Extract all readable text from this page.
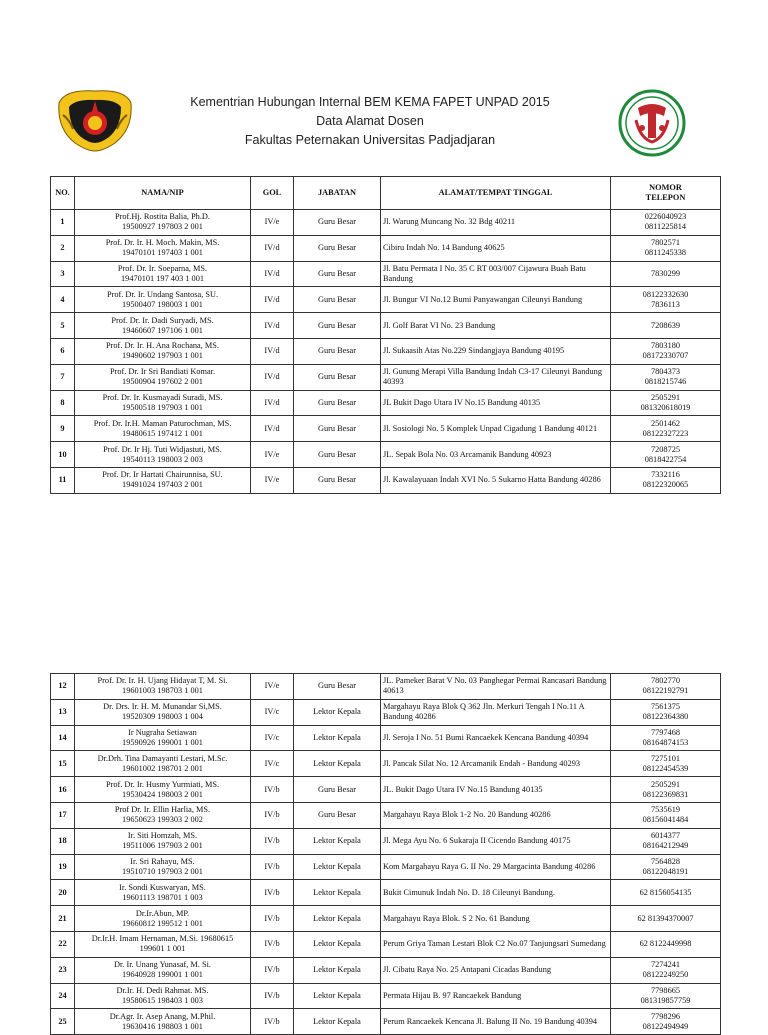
Kementrian Hubungan Internal BEM KEMA FAPET UNPAD 2015
Data Alamat Dosen
Fakultas Peternakan Universitas Padjadjaran
NO.	NAMA/NIP	GOL	JABATAN	ALAMAT/TEMPAT TINGGAL	NOMOR
TELEPON

1	Prof.Hj. Rostita Balia, Ph.D.
19500927 197803 2 001	IV/e	Guru Besar	Jl. Warung Muncang No. 32 Bdg 40211	0226040923
0811225814

2	Prof. Dr. Ir. H. Moch. Makin, MS.
19470101 197403 1 001	IV/d	Guru Besar	Cibiru Indah No. 14 Bandung 40625	7802571
0811245338

3	Prof. Dr. Ir. Soeparna, MS.
19470101 197 403 1 001	IV/d	Guru Besar	Jl. Batu Permata I No. 35 C RT 003/007 Cijawura Buah Batu Bandung	7830299

4	Prof. Dr. Ir. Undang Santosa, SU.
19500407 198003 1 001	IV/d	Guru Besar	Jl. Bungur VI No.12 Bumi Panyawangan Cileunyi Bandung	08122332630
7836113

5	Prof. Dr. Ir. Dadi Suryadi, MS.
19460607 197106 1 001	IV/d	Guru Besar	Jl. Golf Barat VI No. 23 Bandung	7208639

6	Prof. Dr. Ir. H. Ana Rochana, MS.
19490602 197903 1 001	IV/d	Guru Besar	Jl. Sukaasih Atas No.229 Sindangjaya Bandung 40195	7803180
08172330707

7	Prof. Dr. Ir Sri Bandiati Komar.
19500904 197602 2 001	IV/d	Guru Besar	Jl. Gunung Merapi Villa Bandung Indah C3-17 Cileunyi Bandung 40393	7804373
0818215746

8	Prof. Dr. Ir. Kusmayadi Suradi, MS.
19500518 197903 1 001	IV/d	Guru Besar	JL Bukit Dago Utara IV No.15 Bandung 40135	2505291
081320618019

9	Prof. Dr. Ir.H. Maman Paturochman, MS.
19480615 197412 1 001	IV/d	Guru Besar	Jl. Sosiologi No. 5 Komplek Unpad Cigadung 1 Bandung 40121	2501462
08122327223

10	Prof. Dr. Ir Hj. Tuti Widjastuti, MS.
19540113 198003 2 003	IV/e	Guru Besar	JL. Sepak Bola No. 03 Arcamanik Bandung 40923	7208725
0818422754

11	Prof. Dr. Ir Hartati Chairunnisa, SU.
19491024 197403 2 001	IV/e	Guru Besar	Jl. Kawalayuaan Indah XVI No. 5 Sukarno Hatta Bandung 40286	7332116
08122320065
12	Prof. Dr. Ir. H. Ujang Hidayat T, M. Si.
19601003 198703 1 001	IV/e	Guru Besar	JL. Pameker Barat V No. 03 Panghegar Permai Rancasari Bandung 40613	7802770
08122192791

13	Dr. Drs. Ir. H. M. Munandar Si,MS.
19520309 198003 1 004	IV/c	Lektor Kepala	Margahayu Raya Blok Q 362 Jln. Merkuri Tengah I No.11 A Bandung 40286	7561375
08122364380

14	Ir Nugraha Setiawan
19590926 199001 1 001	IV/c	Lektor Kepala	Jl. Seroja I No. 51 Bumi Rancaekek Kencana Bandung 40394	7797468
08164874153

15	Dr.Drh. Tina Damayanti Lestari, M.Sc.
19601002 198701 2 001	IV/c	Lektor Kepala	Jl. Pancak Silat No. 12 Arcamanik Endah - Bandung 40293	7275101
08122454539

16	Prof. Dr. Ir. Husmy Yurmiati, MS.
19530424 198003 2 001	IV/b	Guru Besar	JL. Bukit Dago Utara IV No.15 Bandung 40135	2505291
08122369831

17	Prof Dr. Ir. Ellin Harlia, MS.
19650623 199303 2 002	IV/b	Guru Besar	Margahayu Raya Blok 1-2 No. 20 Bandung 40286	7535619
08156041484

18	Ir. Siti Homzah, MS.
19511006 197903 2 001	IV/b	Lektor Kepala	Jl. Mega Ayu No. 6 Sukaraja II Cicendo Bandung 40175	6014377
08164212949

19	Ir. Sri Rahayu, MS.
19510710 197903 2 001	IV/b	Lektor Kepala	Kom Margahayu Raya G. II No. 29 Margacinta Bandung 40286	7564828
08122048191

20	Ir. Sondi Kuswaryan, MS.
19601113 198701 1 003	IV/b	Lektor Kepala	Bukit Cimunuk Indah No. D. 18 Cileunyi Bandung.	62 8156054135

21	Dr.Ir.Abun, MP.
19660812 199512 1 001	IV/b	Lektor Kepala	Margahayu Raya Blok. S 2 No. 61 Bandung	62 81394370007

22	Dr.Ir.H. Imam Hernaman, M.Si. 19680615
199601 1 001	IV/b	Lektor Kepala	Perum Griya Taman Lestari Blok C2 No.07 Tanjungsari Sumedang	62 8122449998

23	Dr. Ir. Unang Yunasaf, M. Si.
19640928 199001 1 001	IV/b	Lektor Kepala	Jl. Cibatu Raya No. 25 Antapani Cicadas Bandung	7274241
08122249250

24	Dr.Ir. H. Dedi Rahmat. MS.
19580615 198403 1 003	IV/b	Lektor Kepala	Permata Hijau B. 97 Rancaekek Bandung	7798665
081319857759

25	Dr.Agr. Ir. Asep Anang, M.Phil.
19630416 198803 1 001	IV/b	Lektor Kepala	Perum Rancaekek Kencana Jl. Balung II No. 19 Bandung 40394	7798296
08122494949
